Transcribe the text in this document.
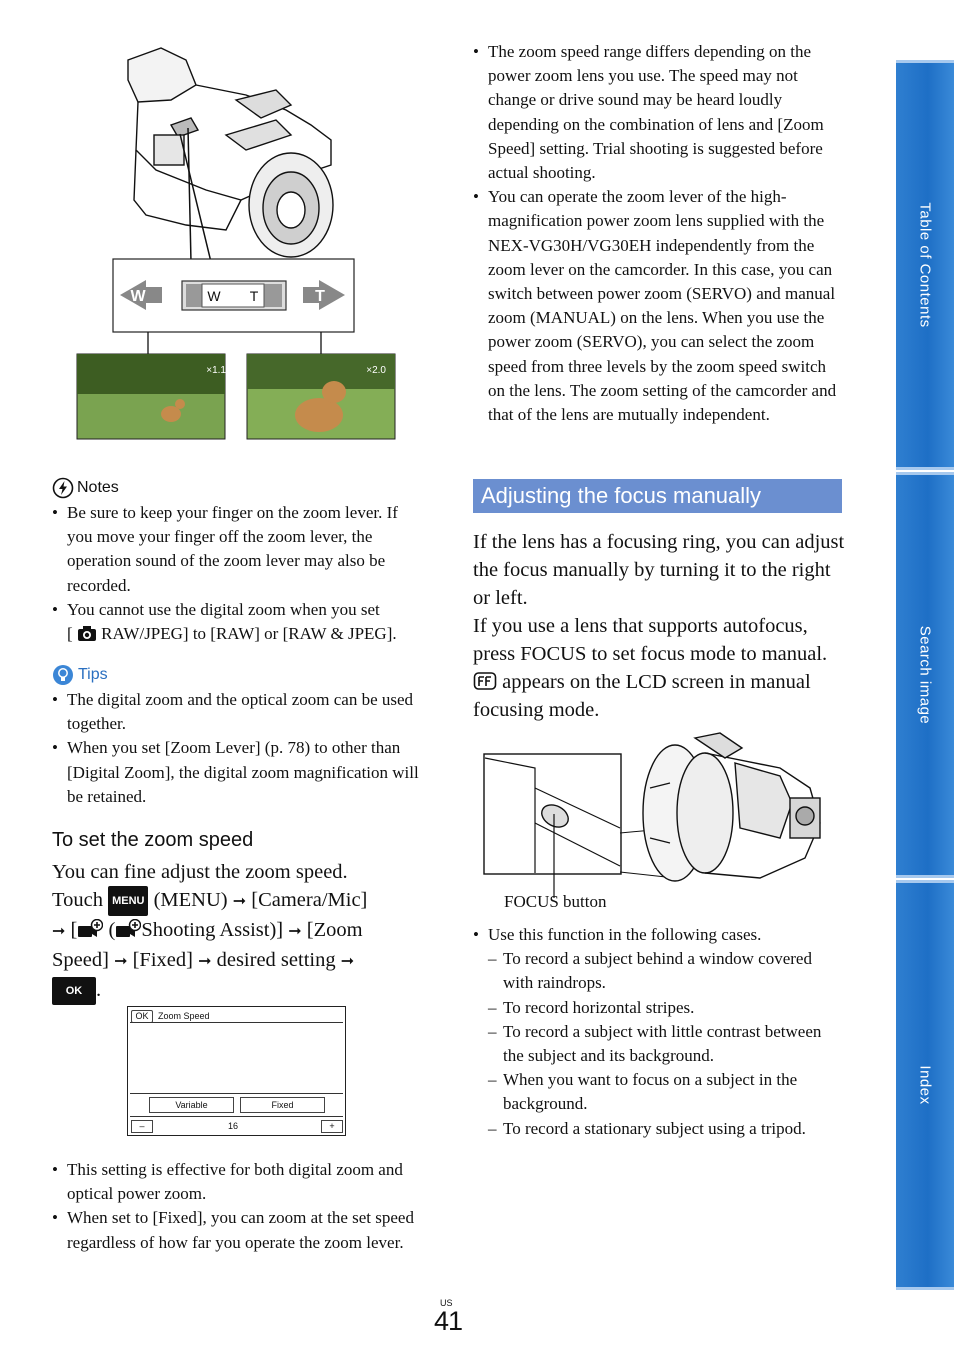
Table of Contents
Search image
Index
×1.1	×2.0
W	T
W T
Notes
• Be sure to keep your finger on the zoom lever. If you move your finger off the zoom lever, the operation sound of the zoom lever may also be recorded.
• You cannot use the digital zoom when you set
[ RAW/JPEG] to [RAW] or [RAW & JPEG].
Tips
• The digital zoom and the optical zoom can be used together.
• When you set [Zoom Lever] (p. 78) to other than [Digital Zoom], the digital zoom magnification will be retained.
To set the zoom speed
You can fine adjust the zoom speed.
Touch MENU (MENU) ➞ [Camera/Mic]
➞ [ ( Shooting Assist)] ➞ [Zoom
Speed] ➞ [Fixed] ➞ desired setting ➞
OK .
OK	Zoom Speed
Variable	Fixed
–	16	+
• This setting is effective for both digital zoom and optical power zoom.
• When set to [Fixed], you can zoom at the set speed regardless of how far you operate the zoom lever.
• The zoom speed range differs depending on the power zoom lens you use. The speed may not change or drive sound may be heard loudly depending on the combination of lens and [Zoom Speed] setting. Trial shooting is suggested before actual shooting.
• You can operate the zoom lever of the high-magnification power zoom lens supplied with the NEX-VG30H/VG30EH independently from the zoom lever on the camcorder. In this case, you can switch between power zoom (SERVO) and manual zoom (MANUAL) on the lens. When you use the power zoom (SERVO), you can select the zoom speed from three levels by the zoom speed switch on the lens. The zoom setting of the camcorder and that of the lens are mutually independent.
Adjusting the focus manually
If the lens has a focusing ring, you can adjust the focus manually by turning it to the right or left.
If you use a lens that supports autofocus, press FOCUS to set focus mode to manual.
appears on the LCD screen in manual focusing mode.
FOCUS button
• Use this function in the following cases.
– To record a subject behind a window covered with raindrops.
– To record horizontal stripes.
– To record a subject with little contrast between the subject and its background.
– When you want to focus on a subject in the background.
– To record a stationary subject using a tripod.
US
41
